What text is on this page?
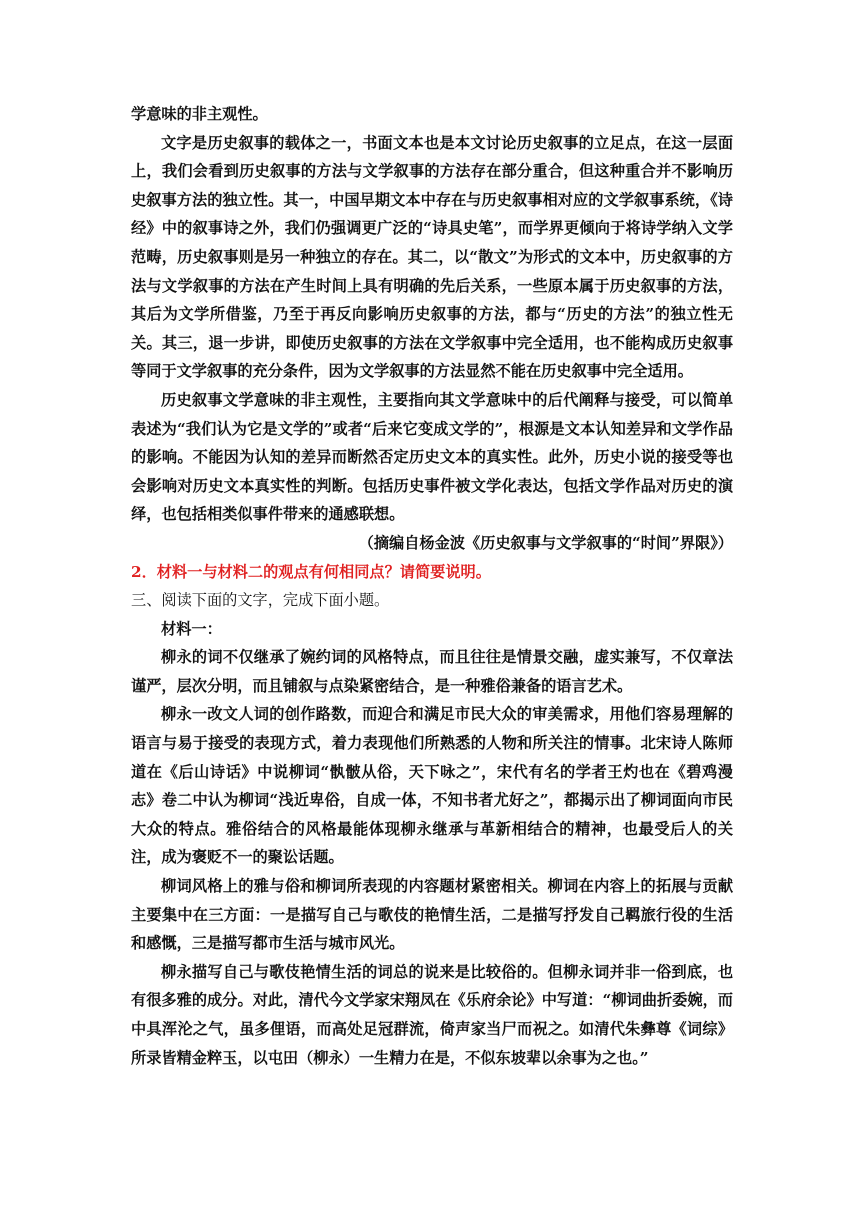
学意味的非主观性。

文字是历史叙事的载体之一，书面文本也是本文讨论历史叙事的立足点，在这一层面上，我们会看到历史叙事的方法与文学叙事的方法存在部分重合，但这种重合并不影响历史叙事方法的独立性。其一，中国早期文本中存在与历史叙事相对应的文学叙事系统，《诗经》中的叙事诗之外，我们仍强调更广泛的“诗具史笔”，而学界更倾向于将诗学纳入文学范畴，历史叙事则是另一种独立的存在。其二，以“散文”为形式的文本中，历史叙事的方法与文学叙事的方法在产生时间上具有明确的先后关系，一些原本属于历史叙事的方法，其后为文学所借鉴，乃至于再反向影响历史叙事的方法，都与“历史的方法”的独立性无关。其三，退一步讲，即使历史叙事的方法在文学叙事中完全适用，也不能构成历史叙事等同于文学叙事的充分条件，因为文学叙事的方法显然不能在历史叙事中完全适用。

历史叙事文学意味的非主观性，主要指向其文学意味中的后代阐释与接受，可以简单表述为“我们认为它是文学的”或者“后来它变成文学的”，根源是文本认知差异和文学作品的影响。不能因为认知的差异而断然否定历史文本的真实性。此外，历史小说的接受等也会影响对历史文本真实性的判断。包括历史事件被文学化表达，包括文学作品对历史的演绎，也包括相类似事件带来的通感联想。

（摘编自杨金波《历史叙事与文学叙事的“时间”界限》）

2．材料一与材料二的观点有何相同点？请简要说明。

三、阅读下面的文字，完成下面小题。

材料一：

柳永的词不仅继承了婉约词的风格特点，而且往往是情景交融，虚实兼写，不仅章法谨严，层次分明，而且铺叙与点染紧密结合，是一种雅俗兼备的语言艺术。

柳永一改文人词的创作路数，而迎合和满足市民大众的审美需求，用他们容易理解的语言与易于接受的表现方式，着力表现他们所熟悉的人物和所关注的情事。北宋诗人陈师道在《后山诗话》中说柳词“骫骳从俗，天下咏之”，宋代有名的学者王灼也在《碧鸡漫志》卷二中认为柳词“浅近卑俗，自成一体，不知书者尤好之”，都揭示出了柳词面向市民大众的特点。雅俗结合的风格最能体现柳永继承与革新相结合的精神，也最受后人的关注，成为褒贬不一的聚讼话题。

柳词风格上的雅与俗和柳词所表现的内容题材紧密相关。柳词在内容上的拓展与贡献主要集中在三方面：一是描写自己与歌伎的艳情生活，二是描写抒发自己羁旅行役的生活和感慨，三是描写都市生活与城市风光。

柳永描写自己与歌伎艳情生活的词总的说来是比较俗的。但柳永词并非一俗到底，也有很多雅的成分。对此，清代今文学家宋翔凤在《乐府余论》中写道：“柳词曲折委婉，而中具浑沦之气，虽多俚语，而高处足冠群流，倚声家当尸而祝之。如清代朱彝尊《词综》所录皆精金粹玉，以屯田（柳永）一生精力在是，不似东坡辈以余事为之也。”
